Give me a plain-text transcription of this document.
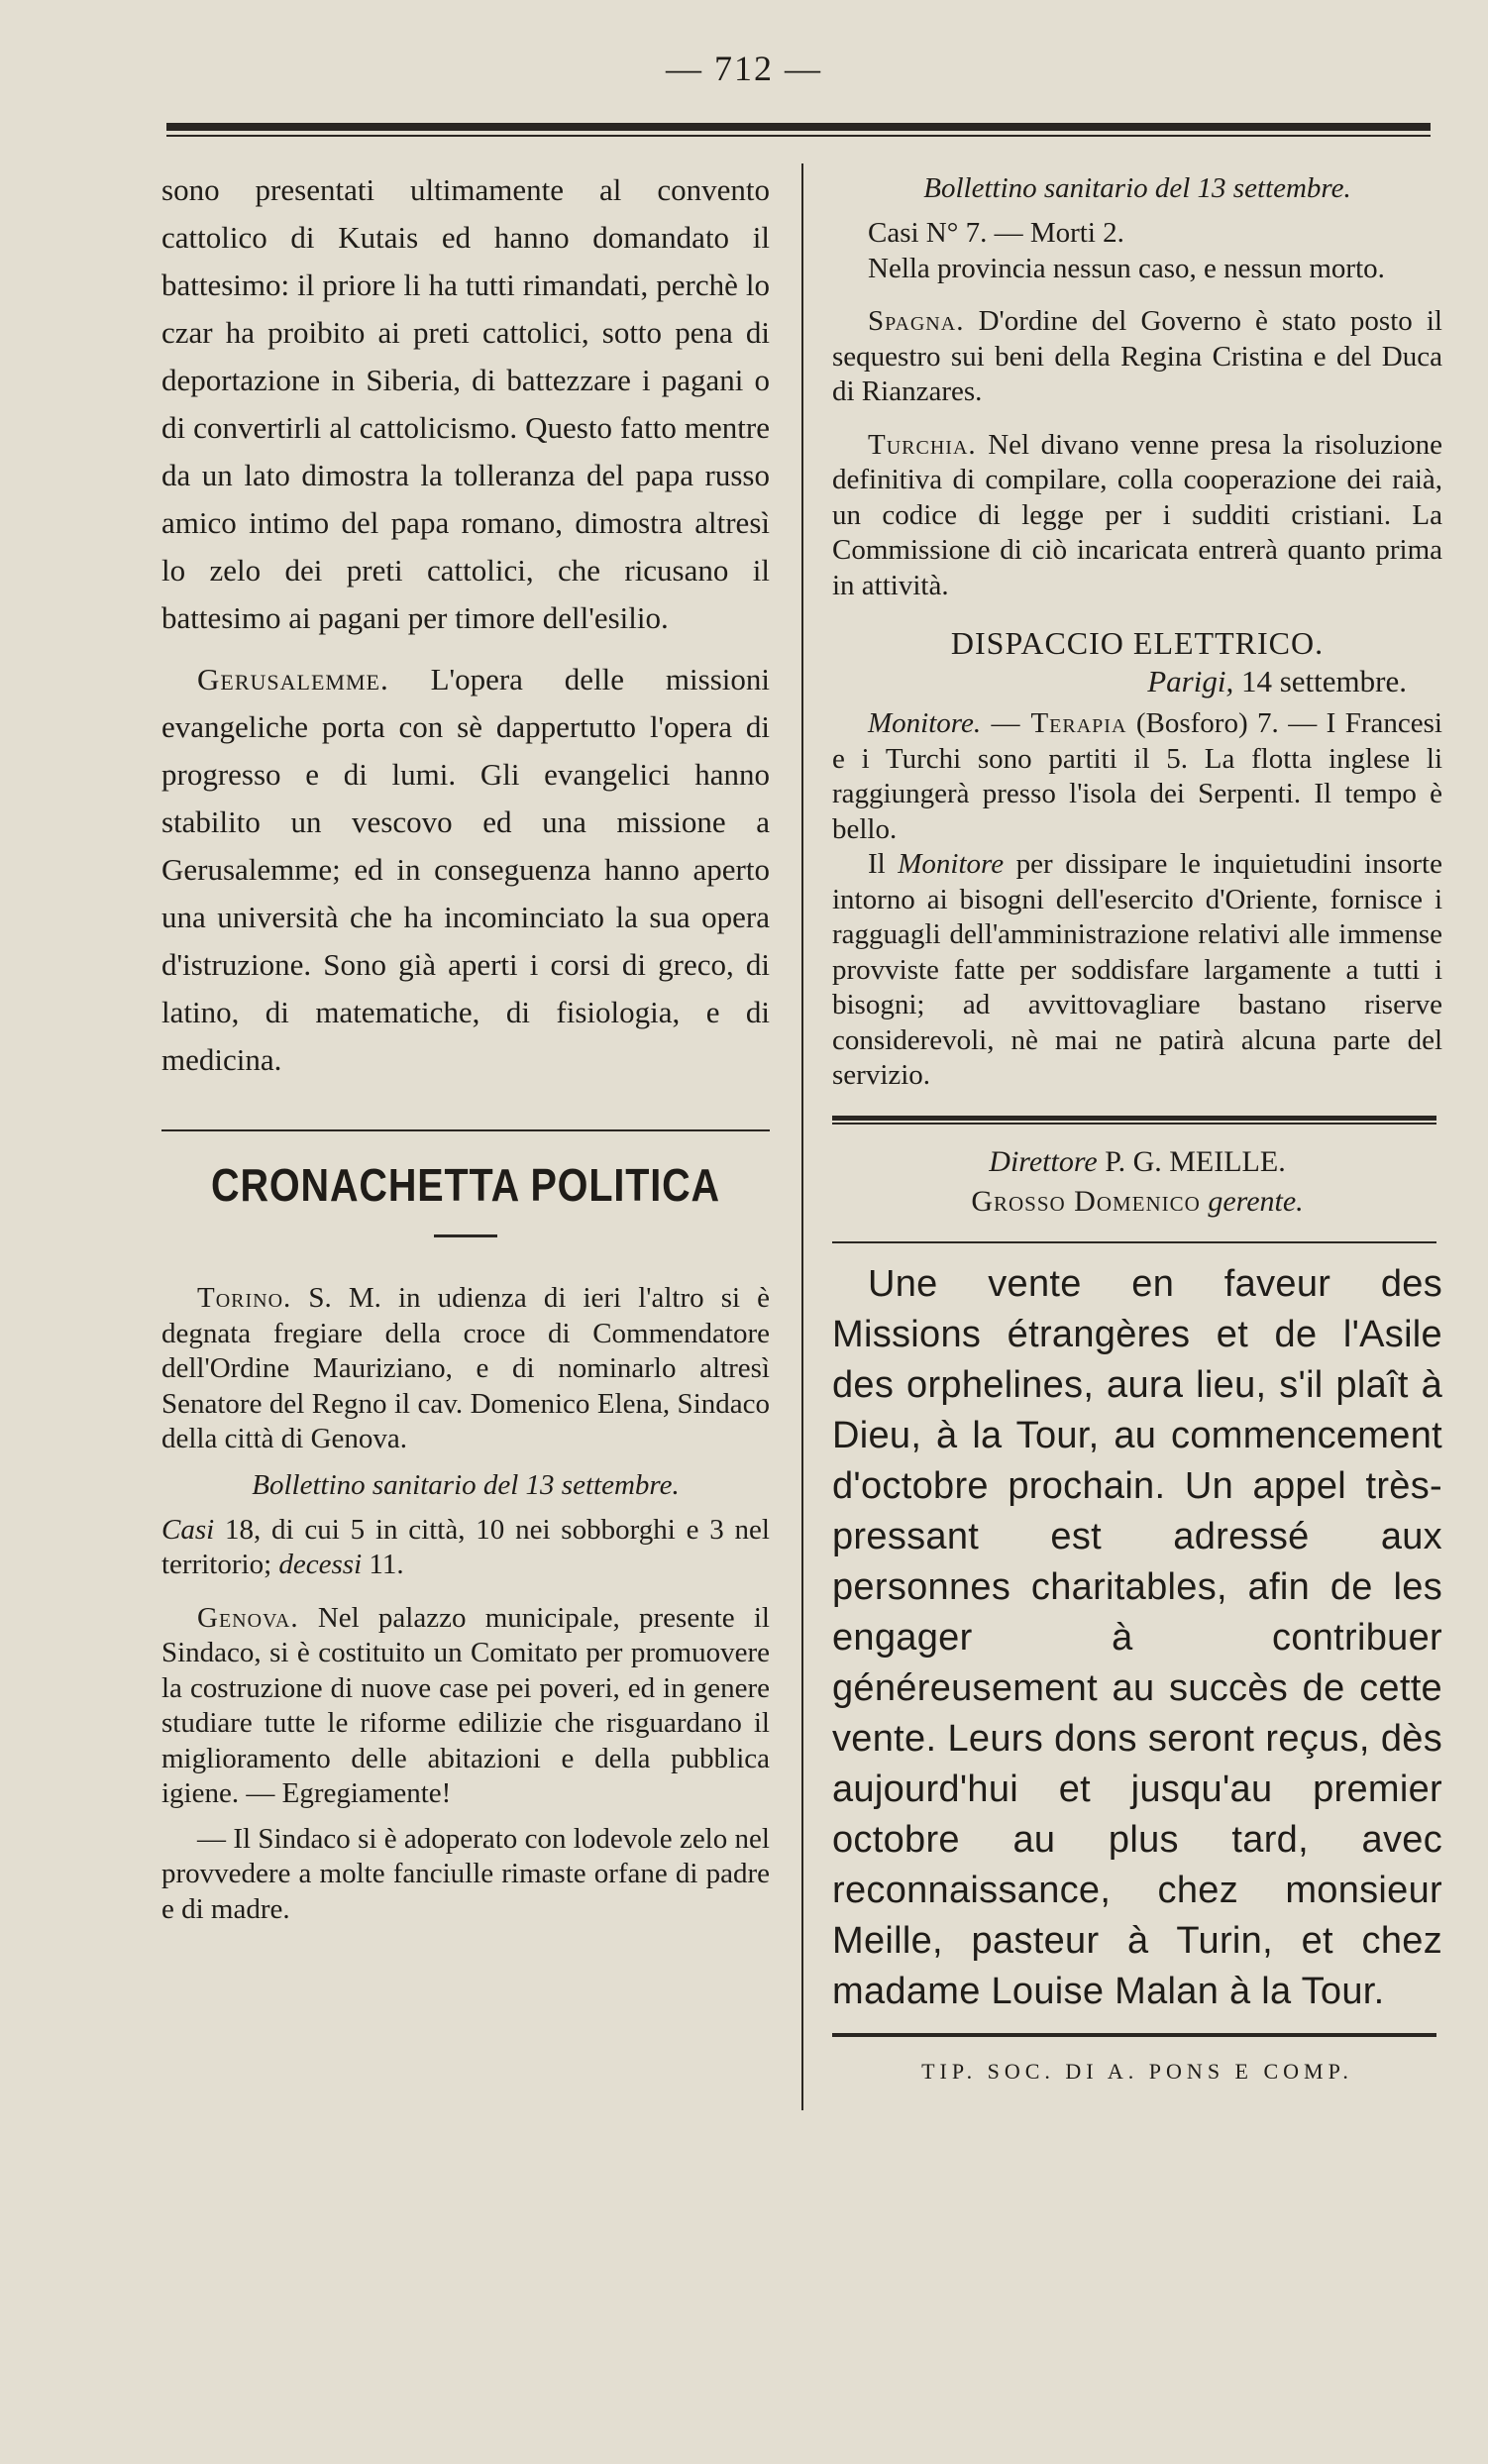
— 712 —

sono presentati ultimamente al convento cattolico di Kutais ed hanno domandato il battesimo: il priore li ha tutti rimandati, perchè lo czar ha proibito ai preti cattolici, sotto pena di deportazione in Siberia, di battezzare i pagani o di convertirli al cattolicismo. Questo fatto mentre da un lato dimostra la tolleranza del papa russo amico intimo del papa romano, dimostra altresì lo zelo dei preti cattolici, che ricusano il battesimo ai pagani per timore dell'esilio.

Gerusalemme. L'opera delle missioni evangeliche porta con sè dappertutto l'opera di progresso e di lumi. Gli evangelici hanno stabilito un vescovo ed una missione a Gerusalemme; ed in conseguenza hanno aperto una università che ha incominciato la sua opera d'istruzione. Sono già aperti i corsi di greco, di latino, di matematiche, di fisiologia, e di medicina.

CRONACHETTA POLITICA

Torino. S. M. in udienza di ieri l'altro si è degnata fregiare della croce di Commendatore dell'Ordine Mauriziano, e di nominarlo altresì Senatore del Regno il cav. Domenico Elena, Sindaco della città di Genova.

Bollettino sanitario del 13 settembre.

Casi 18, di cui 5 in città, 10 nei sobborghi e 3 nel territorio; decessi 11.

Genova. Nel palazzo municipale, presente il Sindaco, si è costituito un Comitato per promuovere la costruzione di nuove case pei poveri, ed in genere studiare tutte le riforme edilizie che risguardano il miglioramento delle abitazioni e della pubblica igiene. — Egregiamente!

— Il Sindaco si è adoperato con lodevole zelo nel provvedere a molte fanciulle rimaste orfane di padre e di madre.

Bollettino sanitario del 13 settembre.

Casi N° 7. — Morti 2.

Nella provincia nessun caso, e nessun morto.

Spagna. D'ordine del Governo è stato posto il sequestro sui beni della Regina Cristina e del Duca di Rianzares.

Turchia. Nel divano venne presa la risoluzione definitiva di compilare, colla cooperazione dei raià, un codice di legge per i sudditi cristiani. La Commissione di ciò incaricata entrerà quanto prima in attività.

DISPACCIO ELETTRICO.

Parigi, 14 settembre.

Monitore. — Terapia (Bosforo) 7. — I Francesi e i Turchi sono partiti il 5. La flotta inglese li raggiungerà presso l'isola dei Serpenti. Il tempo è bello.

Il Monitore per dissipare le inquietudini insorte intorno ai bisogni dell'esercito d'Oriente, fornisce i ragguagli dell'amministrazione relativi alle immense provviste fatte per soddisfare largamente a tutti i bisogni; ad avvittovagliare bastano riserve considerevoli, nè mai ne patirà alcuna parte del servizio.

Direttore P. G. MEILLE.

Grosso Domenico gerente.

Une vente en faveur des Missions étrangères et de l'Asile des orphelines, aura lieu, s'il plaît à Dieu, à la Tour, au commencement d'octobre prochain. Un appel très-pressant est adressé aux personnes charitables, afin de les engager à contribuer généreusement au succès de cette vente. Leurs dons seront reçus, dès aujourd'hui et jusqu'au premier octobre au plus tard, avec reconnaissance, chez monsieur Meille, pasteur à Turin, et chez madame Louise Malan à la Tour.

TIP. SOC. DI A. PONS E COMP.
